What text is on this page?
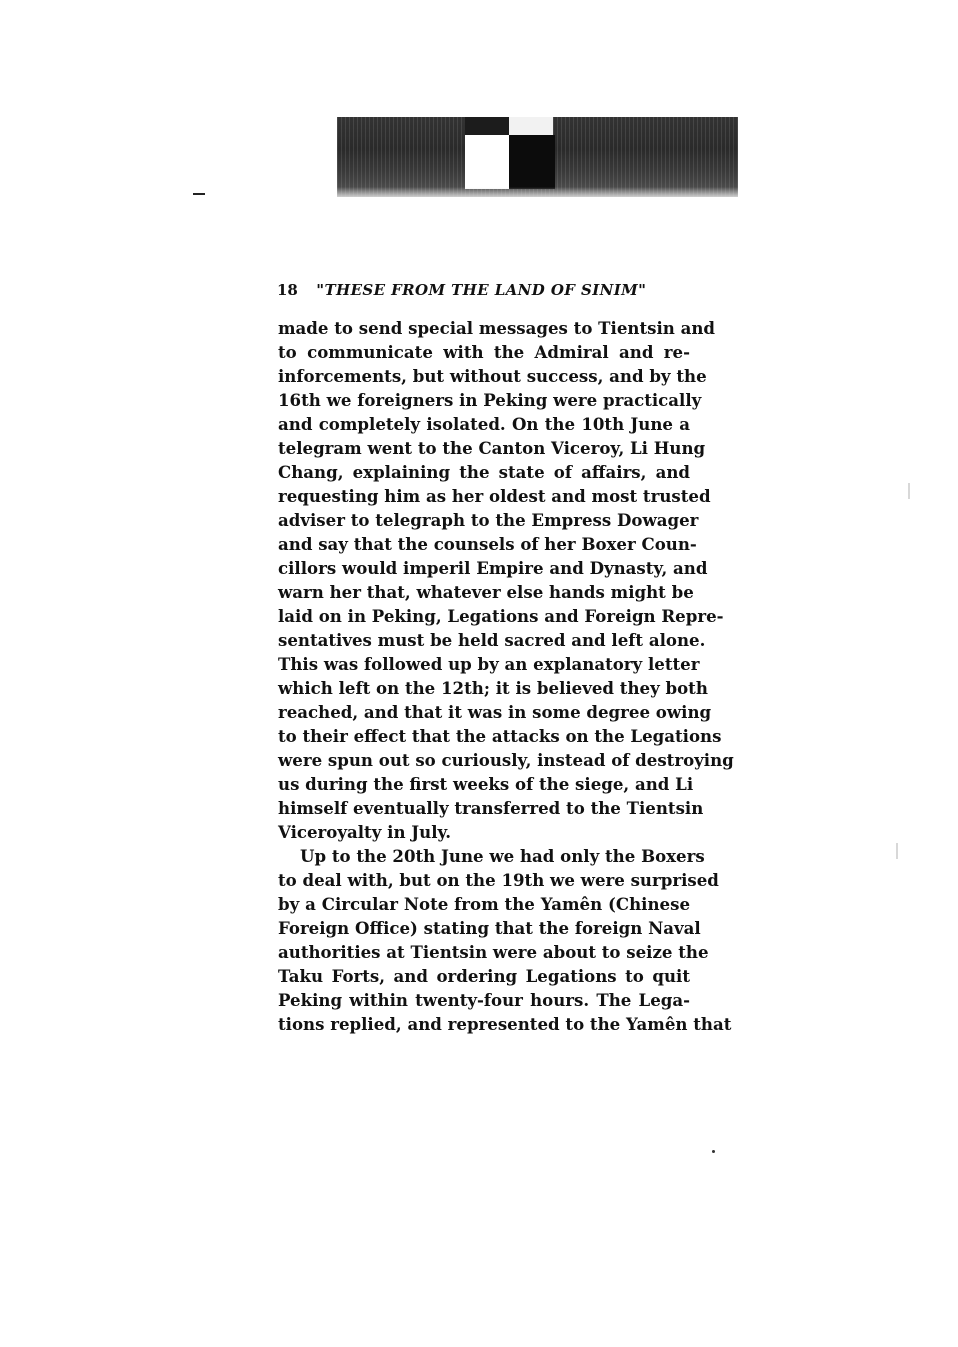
18 "THESE FROM THE LAND OF SINIM"
made to send special messages to Tientsin and
to communicate with the Admiral and re-
inforcements, but without success, and by the
16th we foreigners in Peking were practically
and completely isolated. On the 10th June a
telegram went to the Canton Viceroy, Li Hung
Chang, explaining the state of affairs, and
requesting him as her oldest and most trusted
adviser to telegraph to the Empress Dowager
and say that the counsels of her Boxer Coun-
cillors would imperil Empire and Dynasty, and
warn her that, whatever else hands might be
laid on in Peking, Legations and Foreign Repre-
sentatives must be held sacred and left alone.
This was followed up by an explanatory letter
which left on the 12th; it is believed they both
reached, and that it was in some degree owing
to their effect that the attacks on the Legations
were spun out so curiously, instead of destroying
us during the first weeks of the siege, and Li
himself eventually transferred to the Tientsin
Viceroyalty in July.
Up to the 20th June we had only the Boxers
to deal with, but on the 19th we were surprised
by a Circular Note from the Yamên (Chinese
Foreign Office) stating that the foreign Naval
authorities at Tientsin were about to seize the
Taku Forts, and ordering Legations to quit
Peking within twenty-four hours. The Lega-
tions replied, and represented to the Yamên that
